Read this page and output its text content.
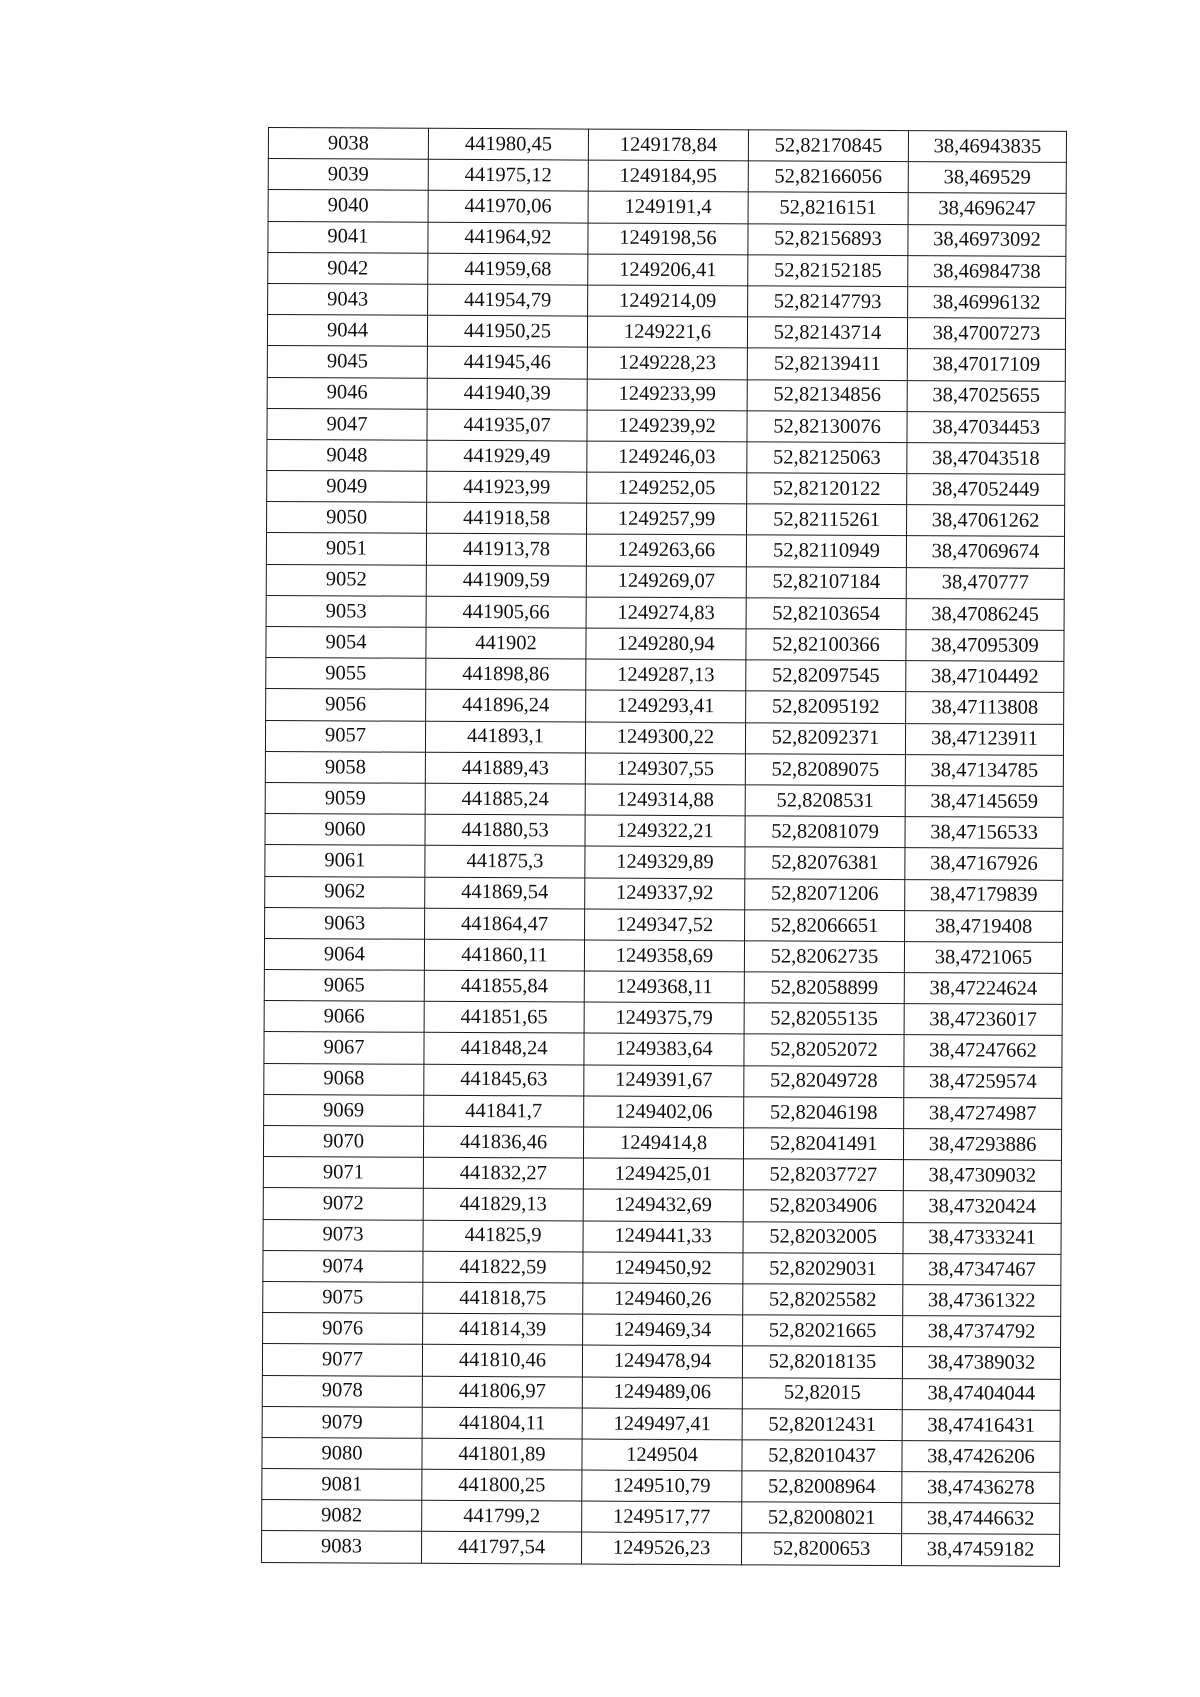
9038	441980,45	1249178,84	52,82170845	38,46943835
9039	441975,12	1249184,95	52,82166056	38,469529
9040	441970,06	1249191,4	52,8216151	38,4696247
9041	441964,92	1249198,56	52,82156893	38,46973092
9042	441959,68	1249206,41	52,82152185	38,46984738
9043	441954,79	1249214,09	52,82147793	38,46996132
9044	441950,25	1249221,6	52,82143714	38,47007273
9045	441945,46	1249228,23	52,82139411	38,47017109
9046	441940,39	1249233,99	52,82134856	38,47025655
9047	441935,07	1249239,92	52,82130076	38,47034453
9048	441929,49	1249246,03	52,82125063	38,47043518
9049	441923,99	1249252,05	52,82120122	38,47052449
9050	441918,58	1249257,99	52,82115261	38,47061262
9051	441913,78	1249263,66	52,82110949	38,47069674
9052	441909,59	1249269,07	52,82107184	38,470777
9053	441905,66	1249274,83	52,82103654	38,47086245
9054	441902	1249280,94	52,82100366	38,47095309
9055	441898,86	1249287,13	52,82097545	38,47104492
9056	441896,24	1249293,41	52,82095192	38,47113808
9057	441893,1	1249300,22	52,82092371	38,47123911
9058	441889,43	1249307,55	52,82089075	38,47134785
9059	441885,24	1249314,88	52,8208531	38,47145659
9060	441880,53	1249322,21	52,82081079	38,47156533
9061	441875,3	1249329,89	52,82076381	38,47167926
9062	441869,54	1249337,92	52,82071206	38,47179839
9063	441864,47	1249347,52	52,82066651	38,4719408
9064	441860,11	1249358,69	52,82062735	38,4721065
9065	441855,84	1249368,11	52,82058899	38,47224624
9066	441851,65	1249375,79	52,82055135	38,47236017
9067	441848,24	1249383,64	52,82052072	38,47247662
9068	441845,63	1249391,67	52,82049728	38,47259574
9069	441841,7	1249402,06	52,82046198	38,47274987
9070	441836,46	1249414,8	52,82041491	38,47293886
9071	441832,27	1249425,01	52,82037727	38,47309032
9072	441829,13	1249432,69	52,82034906	38,47320424
9073	441825,9	1249441,33	52,82032005	38,47333241
9074	441822,59	1249450,92	52,82029031	38,47347467
9075	441818,75	1249460,26	52,82025582	38,47361322
9076	441814,39	1249469,34	52,82021665	38,47374792
9077	441810,46	1249478,94	52,82018135	38,47389032
9078	441806,97	1249489,06	52,82015	38,47404044
9079	441804,11	1249497,41	52,82012431	38,47416431
9080	441801,89	1249504	52,82010437	38,47426206
9081	441800,25	1249510,79	52,82008964	38,47436278
9082	441799,2	1249517,77	52,82008021	38,47446632
9083	441797,54	1249526,23	52,8200653	38,47459182
